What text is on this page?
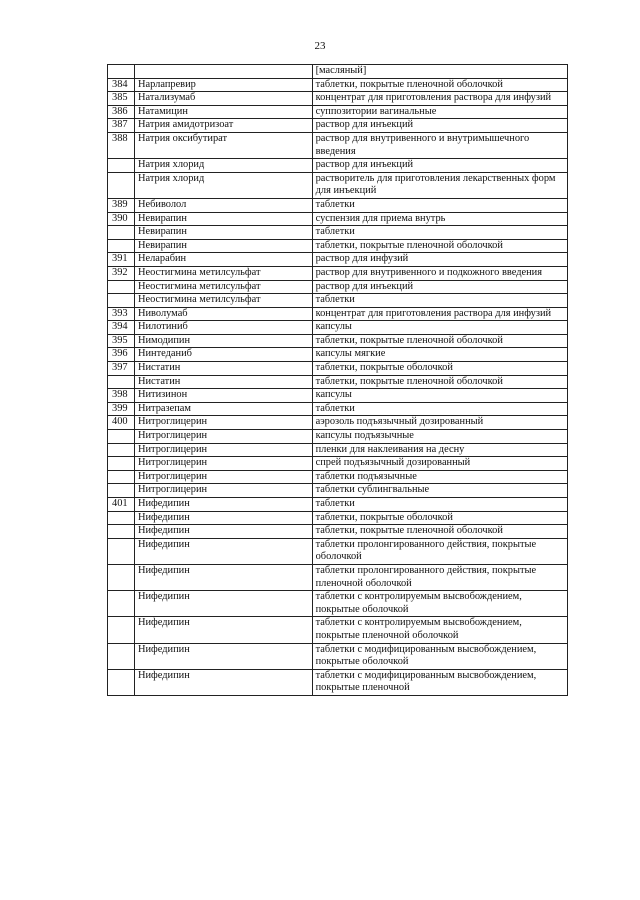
23
		[масляный]
384	Нарлапревир	таблетки, покрытые пленочной оболочкой
385	Натализумаб	концентрат для приготовления раствора для инфузий
386	Натамицин	суппозитории вагинальные
387	Натрия амидотризоат	раствор для инъекций
388	Натрия оксибутират	раствор для внутривенного и внутримышечного введения
	Натрия хлорид	раствор для инъекций
	Натрия хлорид	растворитель для приготовления лекарственных форм для инъекций
389	Небиволол	таблетки
390	Невирапин	суспензия для приема внутрь
	Невирапин	таблетки
	Невирапин	таблетки, покрытые пленочной оболочкой
391	Неларабин	раствор для инфузий
392	Неостигмина метилсульфат	раствор для внутривенного и подкожного введения
	Неостигмина метилсульфат	раствор для инъекций
	Неостигмина метилсульфат	таблетки
393	Ниволумаб	концентрат для приготовления раствора для инфузий
394	Нилотиниб	капсулы
395	Нимодипин	таблетки, покрытые пленочной оболочкой
396	Нинтеданиб	капсулы мягкие
397	Нистатин	таблетки, покрытые оболочкой
	Нистатин	таблетки, покрытые пленочной оболочкой
398	Нитизинон	капсулы
399	Нитразепам	таблетки
400	Нитроглицерин	аэрозоль подъязычный дозированный
	Нитроглицерин	капсулы подъязычные
	Нитроглицерин	пленки для наклеивания на десну
	Нитроглицерин	спрей подъязычный дозированный
	Нитроглицерин	таблетки подъязычные
	Нитроглицерин	таблетки сублингвальные
401	Нифедипин	таблетки
	Нифедипин	таблетки, покрытые оболочкой
	Нифедипин	таблетки, покрытые пленочной оболочкой
	Нифедипин	таблетки пролонгированного действия, покрытые оболочкой
	Нифедипин	таблетки пролонгированного действия, покрытые пленочной оболочкой
	Нифедипин	таблетки с контролируемым высвобождением, покрытые оболочкой
	Нифедипин	таблетки с контролируемым высвобождением, покрытые пленочной оболочкой
	Нифедипин	таблетки с модифицированным высвобождением, покрытые оболочкой
	Нифедипин	таблетки с модифицированным высвобождением, покрытые пленочной
